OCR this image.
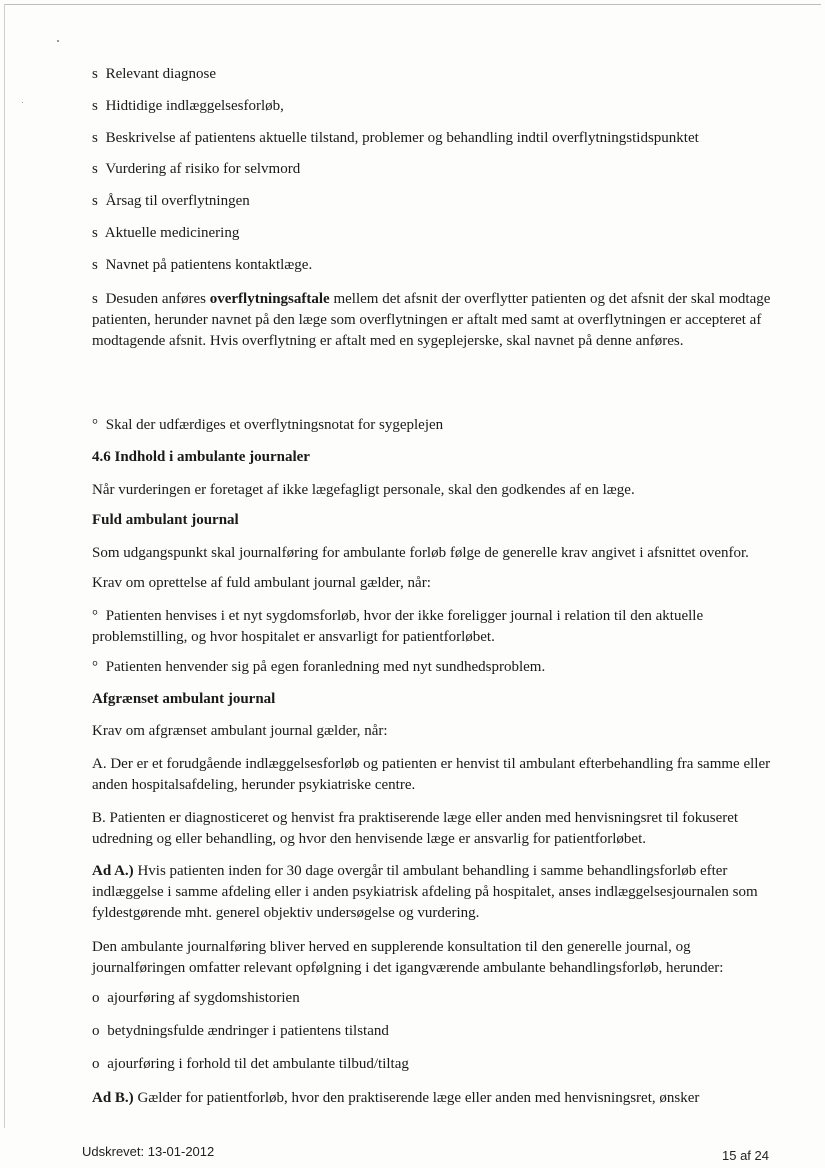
s Relevant diagnose
s Hidtidige indlæggelsesforløb,
s Beskrivelse af patientens aktuelle tilstand, problemer og behandling indtil overflytningstidspunktet
s Vurdering af risiko for selvmord
s Årsag til overflytningen
s Aktuelle medicinering
s Navnet på patientens kontaktlæge.
s Desuden anføres overflytningsaftale mellem det afsnit der overflytter patienten og det afsnit der skal modtage patienten, herunder navnet på den læge som overflytningen er aftalt med samt at overflytningen er accepteret af modtagende afsnit. Hvis overflytning er aftalt med en sygeplejerske, skal navnet på denne anføres.
° Skal der udfærdiges et overflytningsnotat for sygeplejen
4.6 Indhold i ambulante journaler
Når vurderingen er foretaget af ikke lægefagligt personale, skal den godkendes af en læge.
Fuld ambulant journal
Som udgangspunkt skal journalføring for ambulante forløb følge de generelle krav angivet i afsnittet ovenfor.
Krav om oprettelse af fuld ambulant journal gælder, når:
° Patienten henvises i et nyt sygdomsforløb, hvor der ikke foreligger journal i relation til den aktuelle problemstilling, og hvor hospitalet er ansvarligt for patientforløbet.
° Patienten henvender sig på egen foranledning med nyt sundhedsproblem.
Afgrænset ambulant journal
Krav om afgrænset ambulant journal gælder, når:
A. Der er et forudgående indlæggelsesforløb og patienten er henvist til ambulant efterbehandling fra samme eller anden hospitalsafdeling, herunder psykiatriske centre.
B. Patienten er diagnosticeret og henvist fra praktiserende læge eller anden med henvisningsret til fokuseret udredning og eller behandling, og hvor den henvisende læge er ansvarlig for patientforløbet.
Ad A.) Hvis patienten inden for 30 dage overgår til ambulant behandling i samme behandlingsforløb efter indlæggelse i samme afdeling eller i anden psykiatrisk afdeling på hospitalet, anses indlæggelsesjournalen som fyldestgørende mht. generel objektiv undersøgelse og vurdering.
Den ambulante journalføring bliver herved en supplerende konsultation til den generelle journal, og journalføringen omfatter relevant opfølgning i det igangværende ambulante behandlingsforløb, herunder:
o ajourføring af sygdomshistorien
o betydningsfulde ændringer i patientens tilstand
o ajourføring i forhold til det ambulante tilbud/tiltag
Ad B.) Gælder for patientforløb, hvor den praktiserende læge eller anden med henvisningsret, ønsker
Udskrevet: 13-01-2012	15 af 24
